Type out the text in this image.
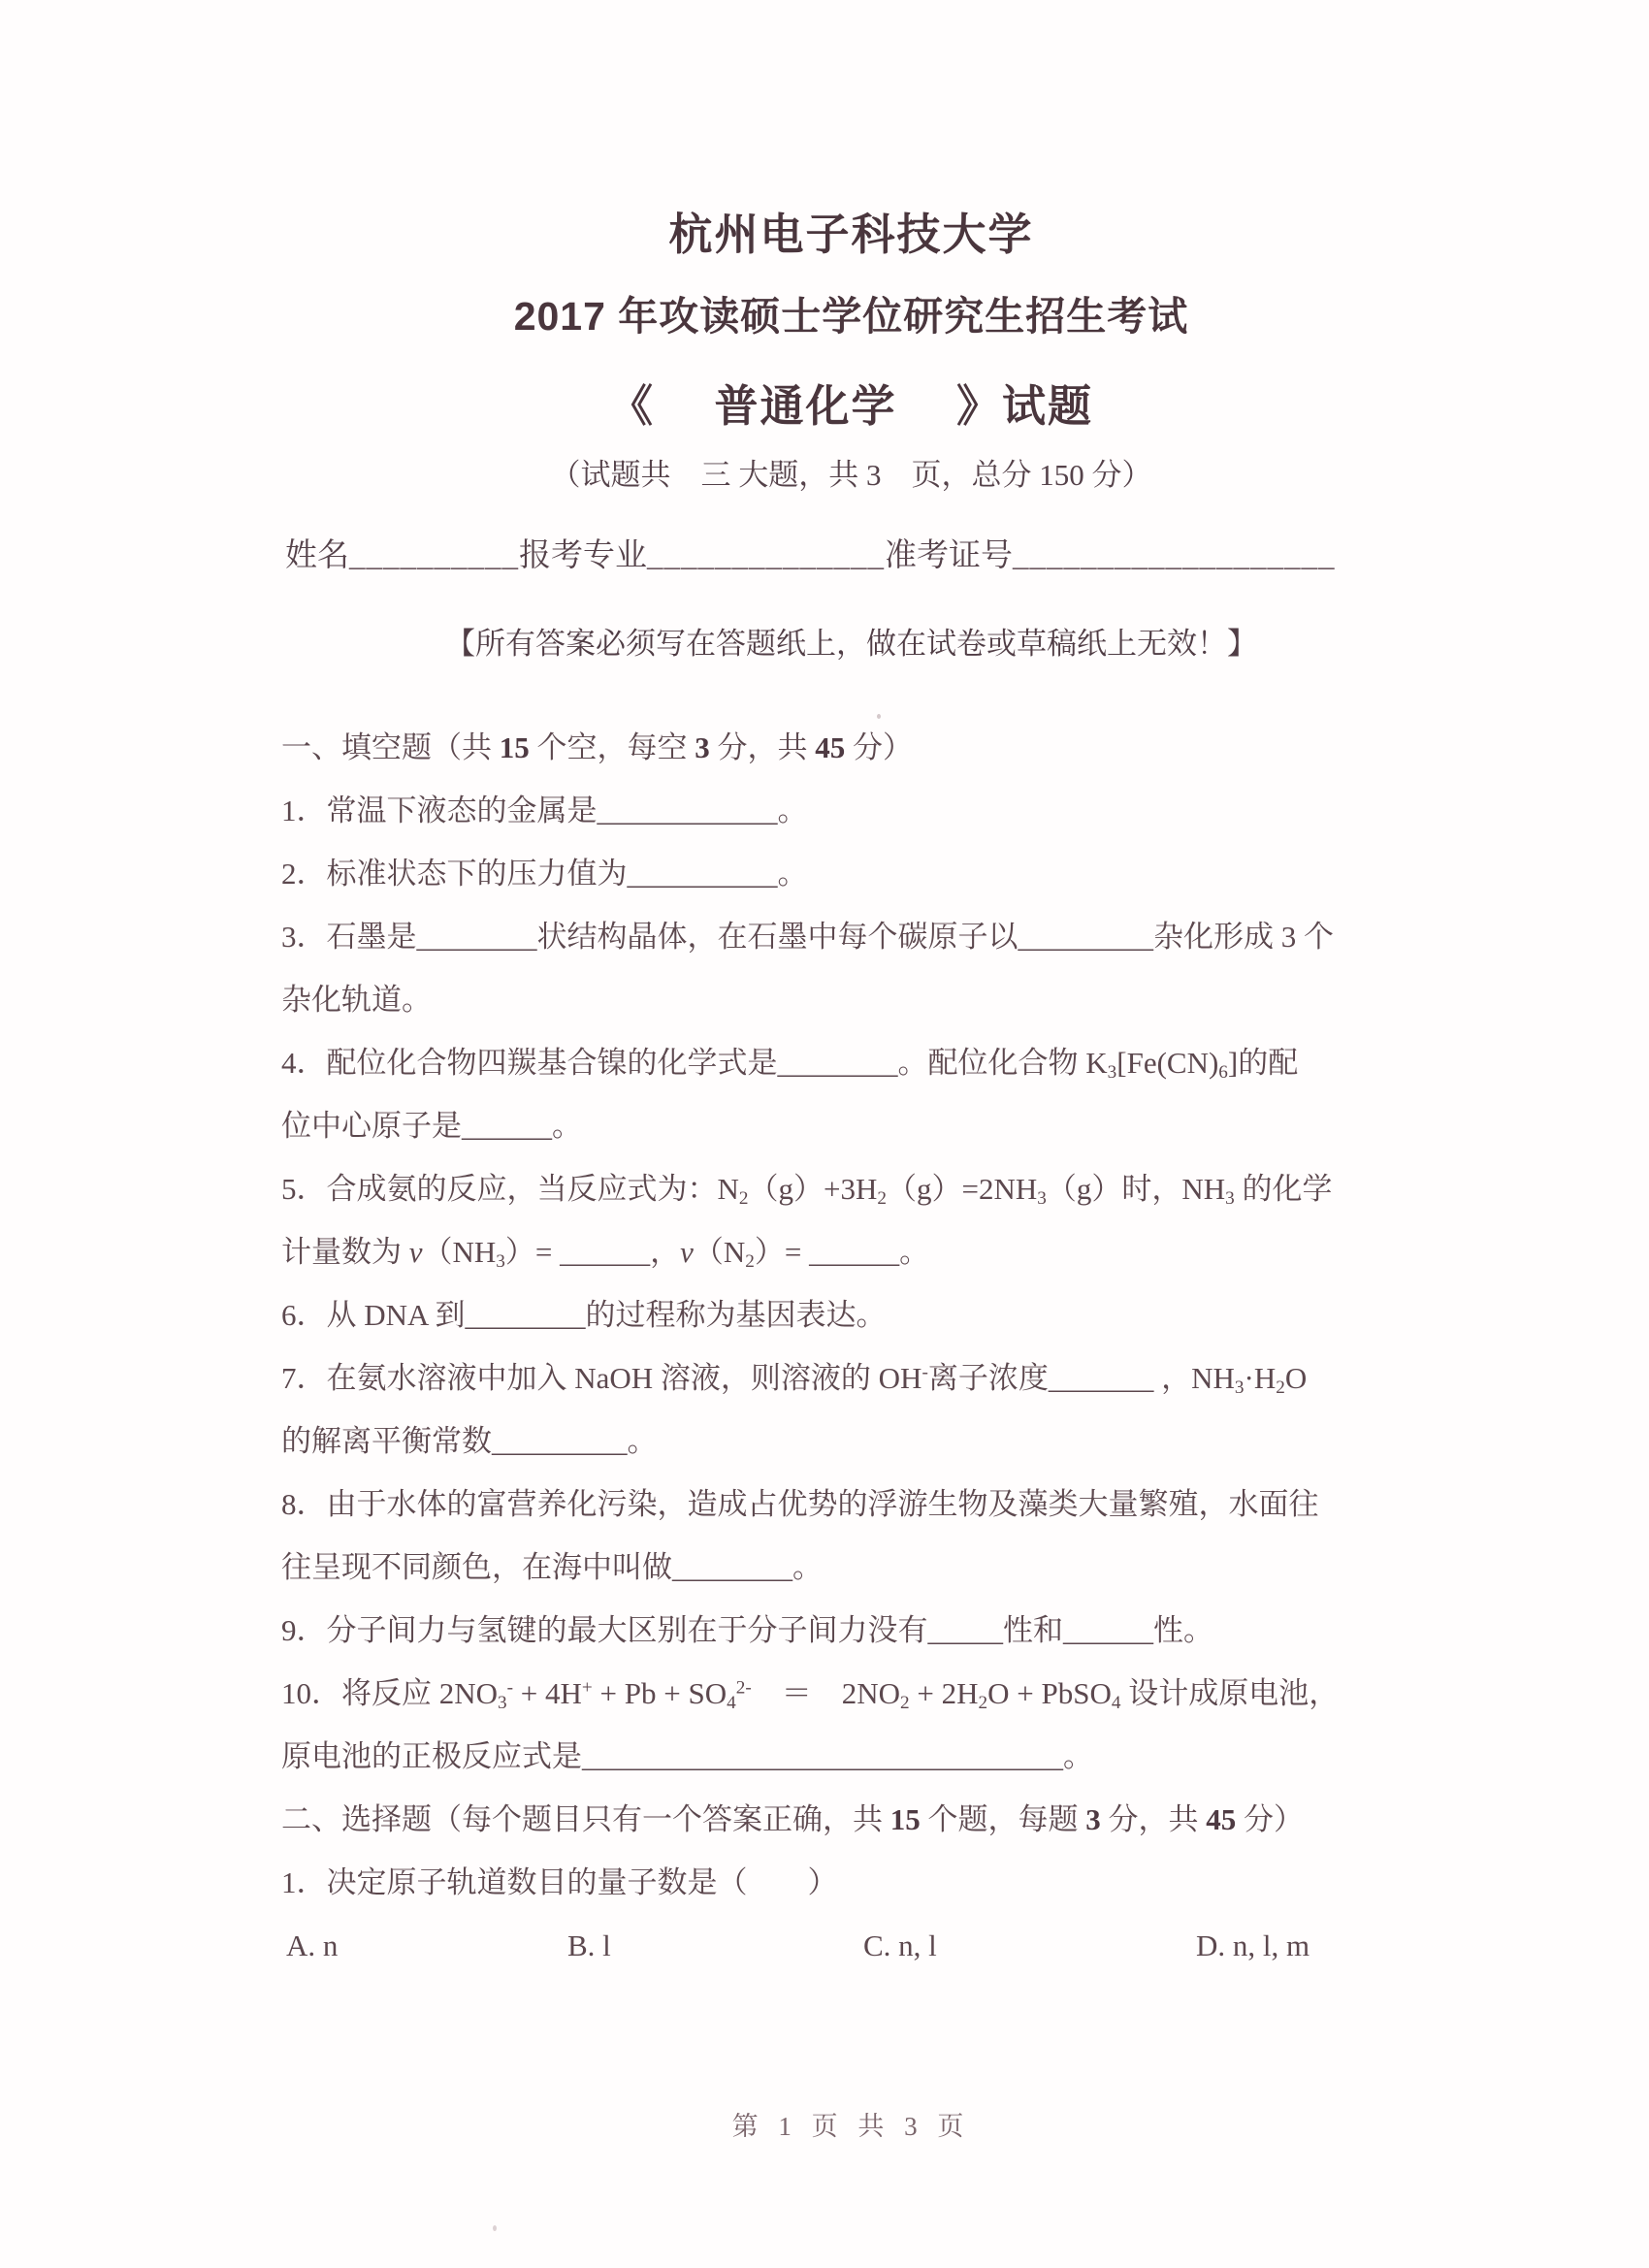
杭州电子科技大学
2017 年攻读硕士学位研究生招生考试
《　 普通化学 　》试题

（试题共　三 大题，共 3　页，总分 150 分）

姓名__________报考专业______________准考证号___________________

【所有答案必须写在答题纸上，做在试卷或草稿纸上无效！】

一、填空题（共 15 个空，每空 3 分，共 45 分）

1．常温下液态的金属是____________。

2．标准状态下的压力值为__________。

3．石墨是________状结构晶体，在石墨中每个碳原子以_________杂化形成 3 个
杂化轨道。

4．配位化合物四羰基合镍的化学式是________。配位化合物 $K_3[Fe(CN)_6]$的配
位中心原子是______。

5．合成氨的反应，当反应式为：$N_2(g)+3H_2(g)=2NH_3(g)$时，$NH_3$ 的化学
计量数为 $v(NH_3)=$ ______，$v(N_2)=$ ______。

6．从 DNA 到________的过程称为基因表达。

7．在氨水溶液中加入 NaOH 溶液，则溶液的 OH-离子浓度_______ ，$NH_3\cdot H_2O$
的解离平衡常数_________。

8．由于水体的富营养化污染，造成占优势的浮游生物及藻类大量繁殖，水面往
往呈现不同颜色，在海中叫做________。

9．分子间力与氢键的最大区别在于分子间力没有_____性和______性。

10．将反应 $2NO_3^- + 4H^+ + Pb + SO_4^{2-}$　＝　$2NO_2 + 2H_2O$ + PbSO$_4$ 设计成原电池，
原电池的正极反应式是________________________________。

二、选择题（每个题目只有一个答案正确，共 15 个题，每题 3 分，共 45 分）

1．决定原子轨道数目的量子数是（　　）

A. n	B. l	C. n, l	D. n, l, m

第 1 页 共 3 页
